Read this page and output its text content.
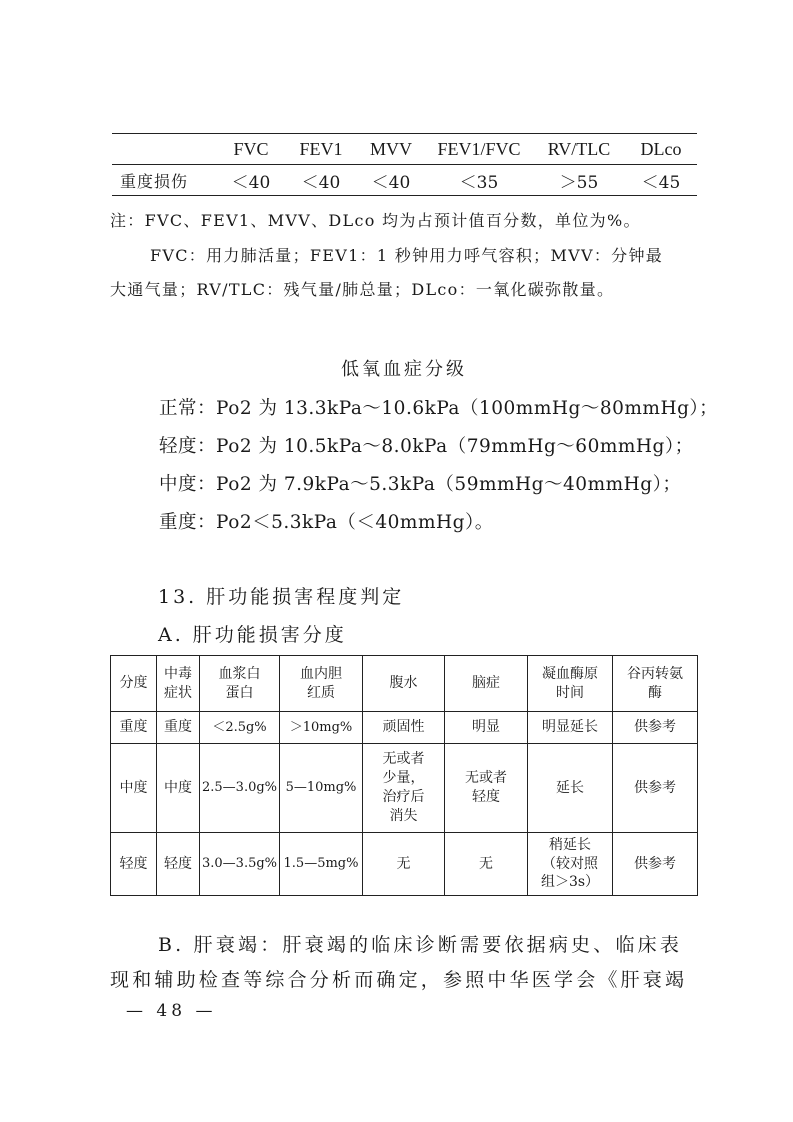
	FVC	FEV1	MVV	FEV1/FVC	RV/TLC	DLco
重度损伤	＜40	＜40	＜40	＜35	＞55	＜45
注：FVC、FEV1、MVV、DLco 均为占预计值百分数，单位为%。
FVC：用力肺活量；FEV1：1 秒钟用力呼气容积；MVV：分钟最
大通气量；RV/TLC：残气量/肺总量；DLco：一氧化碳弥散量。
低氧血症分级
正常：Po2 为 13.3kPa～10.6kPa（100mmHg～80mmHg）；
轻度：Po2 为 10.5kPa～8.0kPa（79mmHg～60mmHg）；
中度：Po2 为 7.9kPa～5.3kPa（59mmHg～40mmHg）；
重度：Po2＜5.3kPa（＜40mmHg）。
13. 肝功能损害程度判定
A. 肝功能损害分度
分度	中毒症状	血浆白蛋白	血内胆红质	腹水	脑症	凝血酶原时间	谷丙转氨酶
重度	重度	＜2.5g%	＞10mg%	顽固性	明显	明显延长	供参考
中度	中度	2.5—3.0g%	5—10mg%	无或者少量，治疗后消失	无或者轻度	延长	供参考
轻度	轻度	3.0—3.5g%	1.5—5mg%	无	无	稍延长（较对照组＞3s）	供参考
B. 肝衰竭：肝衰竭的临床诊断需要依据病史、临床表
现和辅助检查等综合分析而确定，参照中华医学会《肝衰竭
— 48 —
